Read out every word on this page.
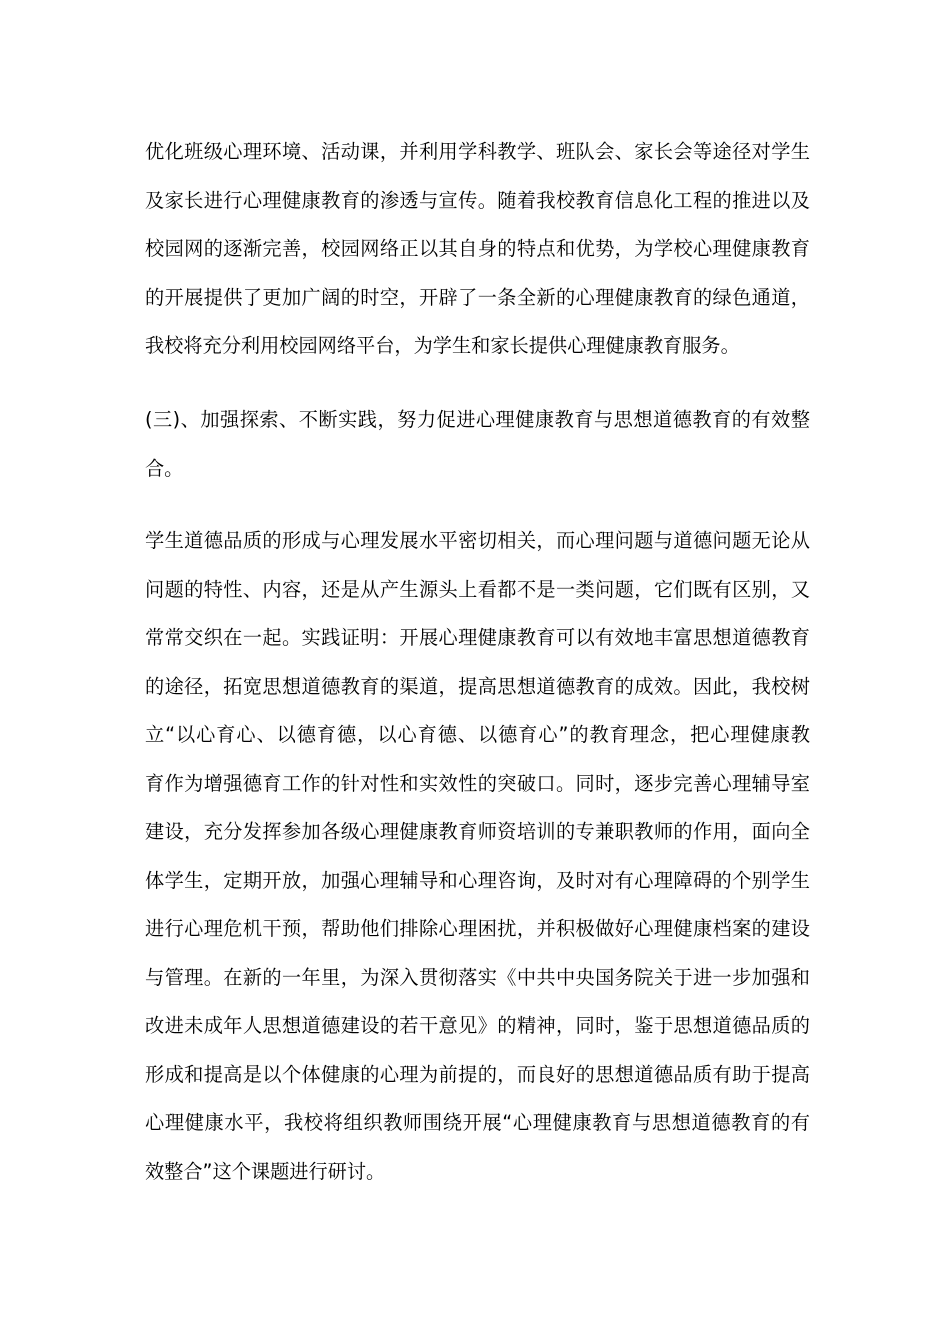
优化班级心理环境、活动课，并利用学科教学、班队会、家长会等途径对学生
及家长进行心理健康教育的渗透与宣传。随着我校教育信息化工程的推进以及
校园网的逐渐完善，校园网络正以其自身的特点和优势，为学校心理健康教育
的开展提供了更加广阔的时空，开辟了一条全新的心理健康教育的绿色通道，
我校将充分利用校园网络平台，为学生和家长提供心理健康教育服务。
(三)、加强探索、不断实践，努力促进心理健康教育与思想道德教育的有效整
合。
学生道德品质的形成与心理发展水平密切相关，而心理问题与道德问题无论从
问题的特性、内容，还是从产生源头上看都不是一类问题，它们既有区别，又
常常交织在一起。实践证明：开展心理健康教育可以有效地丰富思想道德教育
的途径，拓宽思想道德教育的渠道，提高思想道德教育的成效。因此，我校树
立“以心育心、以德育德，以心育德、以德育心”的教育理念，把心理健康教
育作为增强德育工作的针对性和实效性的突破口。同时，逐步完善心理辅导室
建设，充分发挥参加各级心理健康教育师资培训的专兼职教师的作用，面向全
体学生，定期开放，加强心理辅导和心理咨询，及时对有心理障碍的个别学生
进行心理危机干预，帮助他们排除心理困扰，并积极做好心理健康档案的建设
与管理。在新的一年里，为深入贯彻落实《中共中央国务院关于进一步加强和
改进未成年人思想道德建设的若干意见》的精神，同时，鉴于思想道德品质的
形成和提高是以个体健康的心理为前提的，而良好的思想道德品质有助于提高
心理健康水平，我校将组织教师围绕开展“心理健康教育与思想道德教育的有
效整合”这个课题进行研讨。
